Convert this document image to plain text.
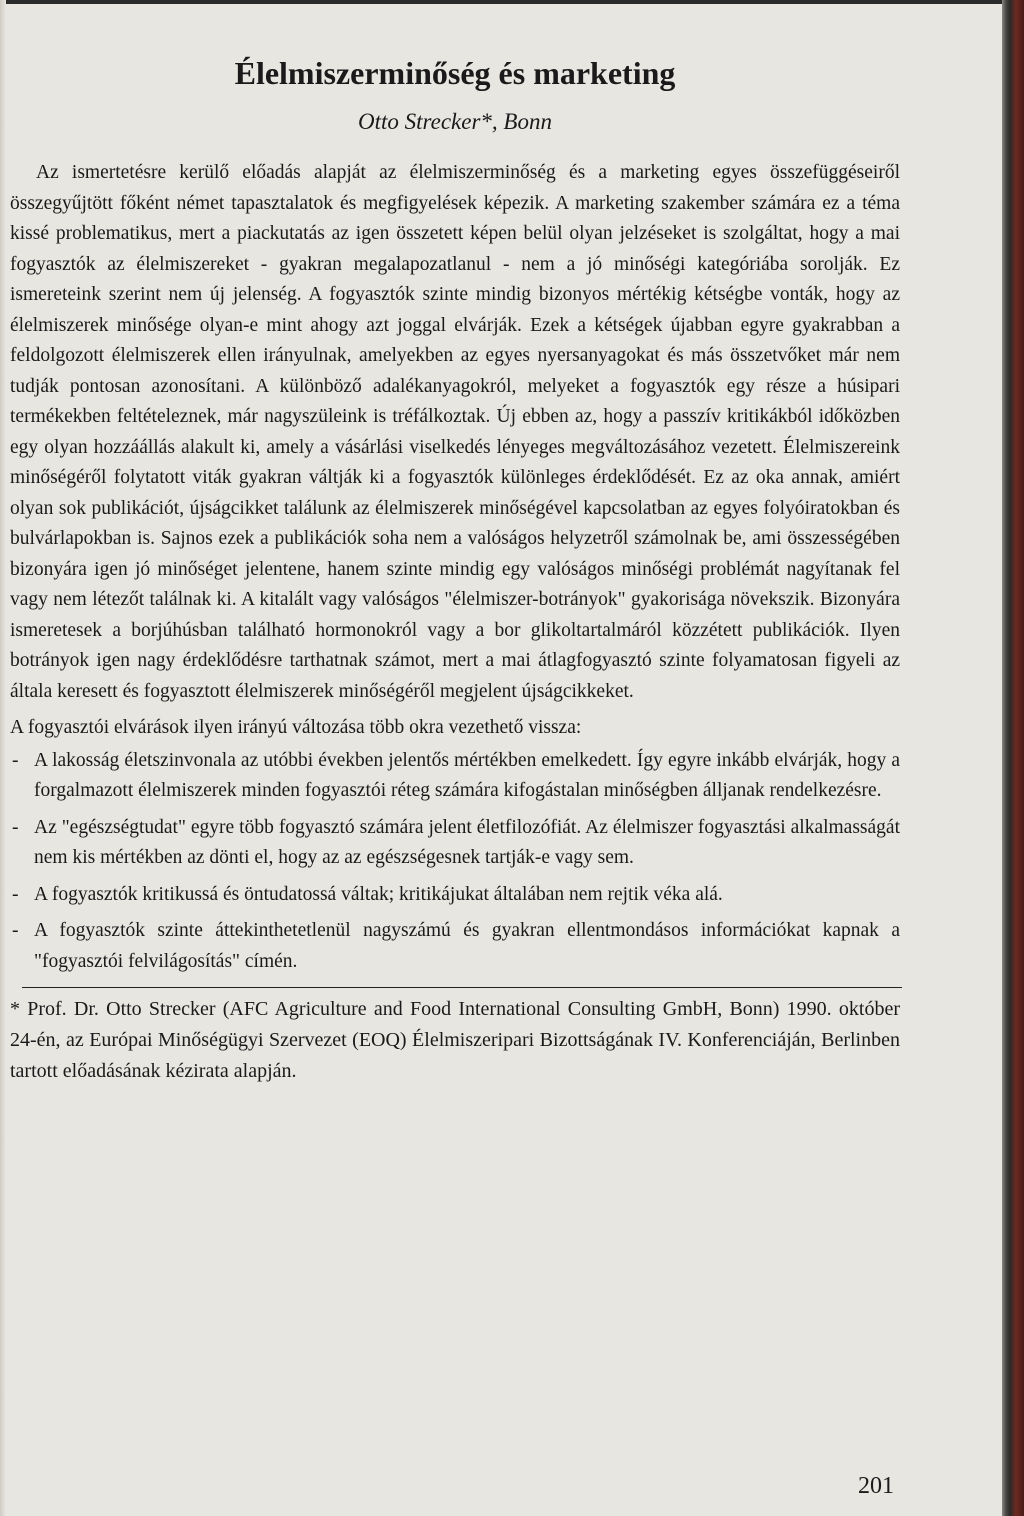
Élelmiszerminőség és marketing

Otto Strecker*, Bonn

Az ismertetésre kerülő előadás alapját az élelmiszerminőség és a marketing egyes összefüggéseiről összegyűjtött főként német tapasztalatok és megfigyelések képezik. A marketing szakember számára ez a téma kissé problematikus, mert a piackutatás az igen összetett képen belül olyan jelzéseket is szolgáltat, hogy a mai fogyasztók az élelmiszereket - gyakran megalapozatlanul - nem a jó minőségi kategóriába sorolják. Ez ismereteink szerint nem új jelenség. A fogyasztók szinte mindig bizonyos mértékig kétségbe vonták, hogy az élelmiszerek minősége olyan-e mint ahogy azt joggal elvárják. Ezek a kétségek újabban egyre gyakrabban a feldolgozott élelmiszerek ellen irányulnak, amelyekben az egyes nyersanyagokat és más összetvőket már nem tudják pontosan azonosítani. A különböző adalékanyagokról, melyeket a fogyasztók egy része a húsipari termékekben feltételeznek, már nagyszüleink is tréfálkoztak. Új ebben az, hogy a passzív kritikákból időközben egy olyan hozzáállás alakult ki, amely a vásárlási viselkedés lényeges megváltozásához vezetett. Élelmiszereink minőségéről folytatott viták gyakran váltják ki a fogyasztók különleges érdeklődését. Ez az oka annak, amiért olyan sok publikációt, újságcikket találunk az élelmiszerek minőségével kapcsolatban az egyes folyóiratokban és bulvárlapokban is. Sajnos ezek a publikációk soha nem a valóságos helyzetről számolnak be, ami összességében bizonyára igen jó minőséget jelentene, hanem szinte mindig egy valóságos minőségi problémát nagyítanak fel vagy nem létezőt találnak ki. A kitalált vagy valóságos "élelmiszer-botrányok" gyakorisága növekszik. Bizonyára ismeretesek a borjúhúsban található hormonokról vagy a bor glikoltartalmáról közzétett publikációk. Ilyen botrányok igen nagy érdeklődésre tarthatnak számot, mert a mai átlagfogyasztó szinte folyamatosan figyeli az általa keresett és fogyasztott élelmiszerek minőségéről megjelent újságcikkeket.

A fogyasztói elvárások ilyen irányú változása több okra vezethető vissza:

- A lakosság életszinvonala az utóbbi években jelentős mértékben emelkedett. Így egyre inkább elvárják, hogy a forgalmazott élelmiszerek minden fogyasztói réteg számára kifogástalan minőségben álljanak rendelkezésre.
- Az "egészségtudat" egyre több fogyasztó számára jelent életfilozófiát. Az élelmiszer fogyasztási alkalmasságát nem kis mértékben az dönti el, hogy az az egészségesnek tartják-e vagy sem.
- A fogyasztók kritikussá és öntudatossá váltak; kritikájukat általában nem rejtik véka alá.
- A fogyasztók szinte áttekinthetetlenül nagyszámú és gyakran ellentmondásos információkat kapnak a "fogyasztói felvilágosítás" címén.

* Prof. Dr. Otto Strecker (AFC Agriculture and Food International Consulting GmbH, Bonn) 1990. október 24-én, az Európai Minőségügyi Szervezet (EOQ) Élelmiszeripari Bizottságának IV. Konferenciáján, Berlinben tartott előadásának kézirata alapján.

201
